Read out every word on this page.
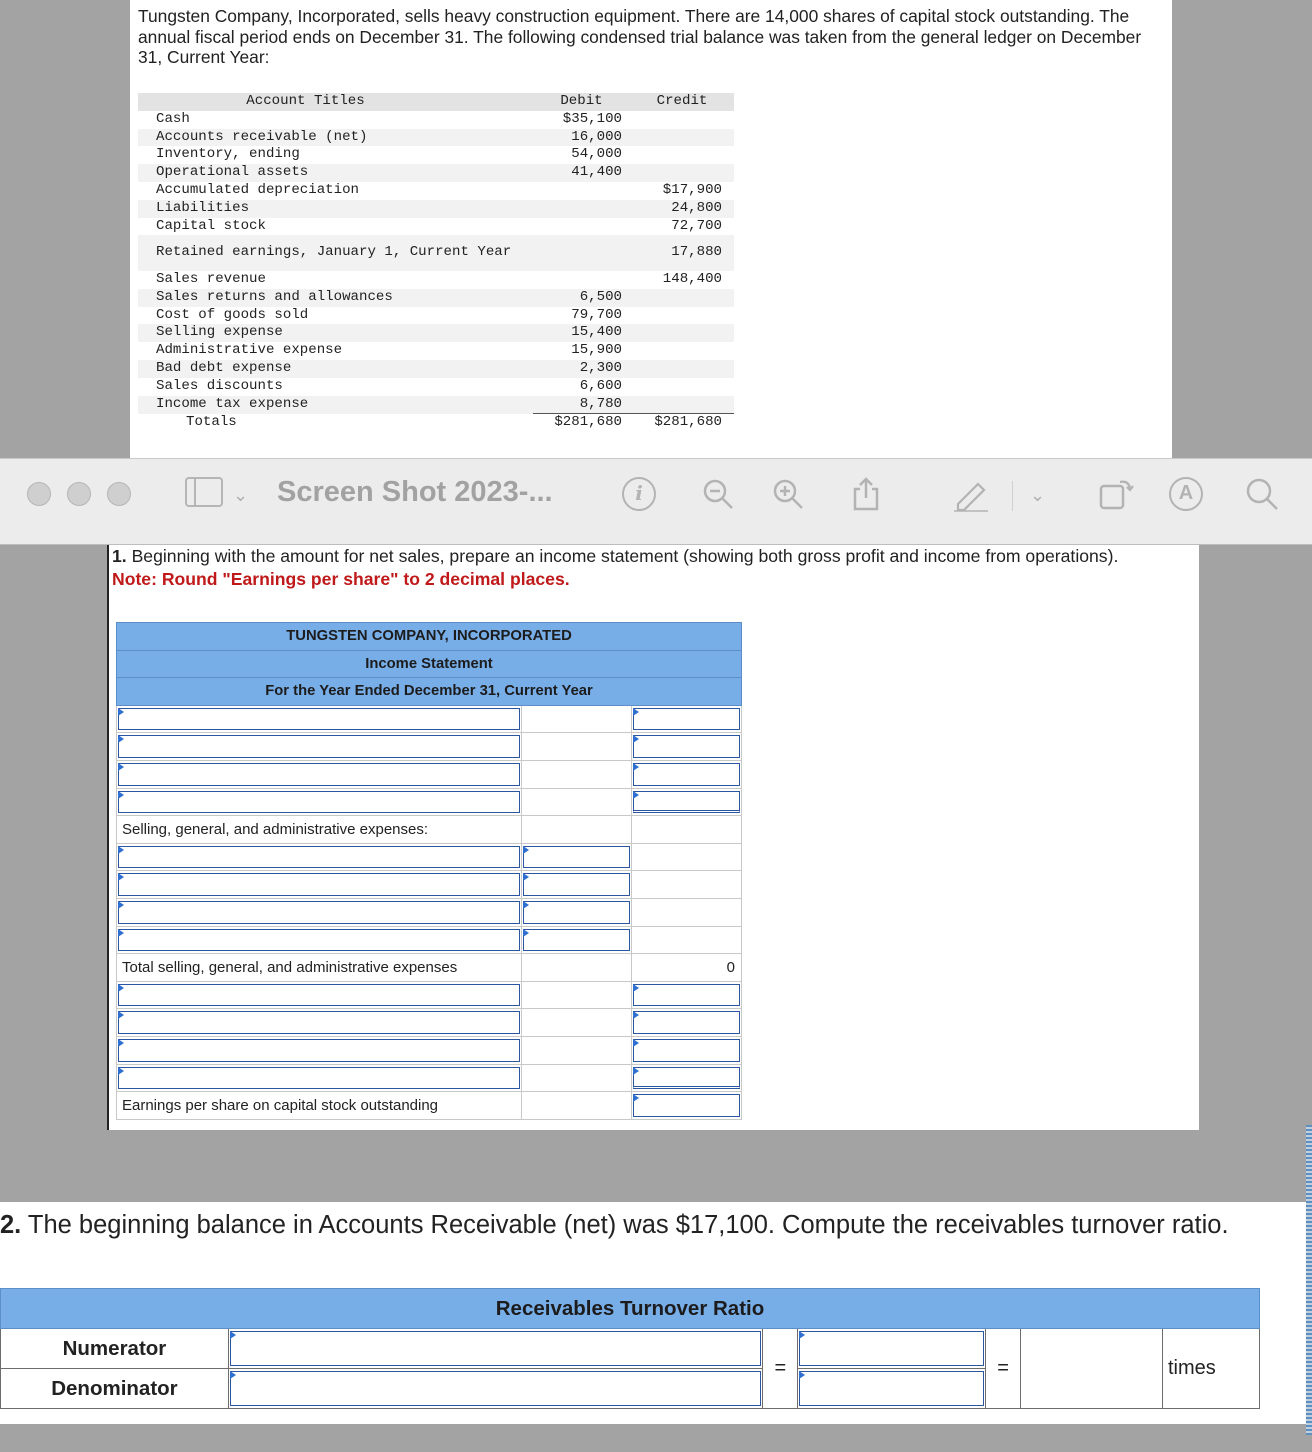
Tungsten Company, Incorporated, sells heavy construction equipment. There are 14,000 shares of capital stock outstanding. The annual fiscal period ends on December 31. The following condensed trial balance was taken from the general ledger on December 31, Current Year:

Account Titles	Debit	Credit
Cash	$35,100	
Accounts receivable (net)	16,000	
Inventory, ending	54,000	
Operational assets	41,400	
Accumulated depreciation		$17,900
Liabilities		24,800
Capital stock		72,700
Retained earnings, January 1, Current Year		17,880
Sales revenue		148,400
Sales returns and allowances	6,500	
Cost of goods sold	79,700	
Selling expense	15,400	
Administrative expense	15,900	
Bad debt expense	2,300	
Sales discounts	6,600	
Income tax expense	8,780	
Totals	$281,680	$281,680
⌄ Screen Shot 2023-...	i	⌄	A

1. Beginning with the amount for net sales, prepare an income statement (showing both gross profit and income from operations).

Note: Round "Earnings per share" to 2 decimal places.

TUNGSTEN COMPANY, INCORPORATED		
Income Statement		
For the Year Ended December 31, Current Year		

Selling, general, and administrative expenses:		

Total selling, general, and administrative expenses		0

Earnings per share on capital stock outstanding		

2. The beginning balance in Accounts Receivable (net) was $17,100. Compute the receivables turnover ratio.

Receivables Turnover Ratio						
Numerator		=		=		times
Denominator					
